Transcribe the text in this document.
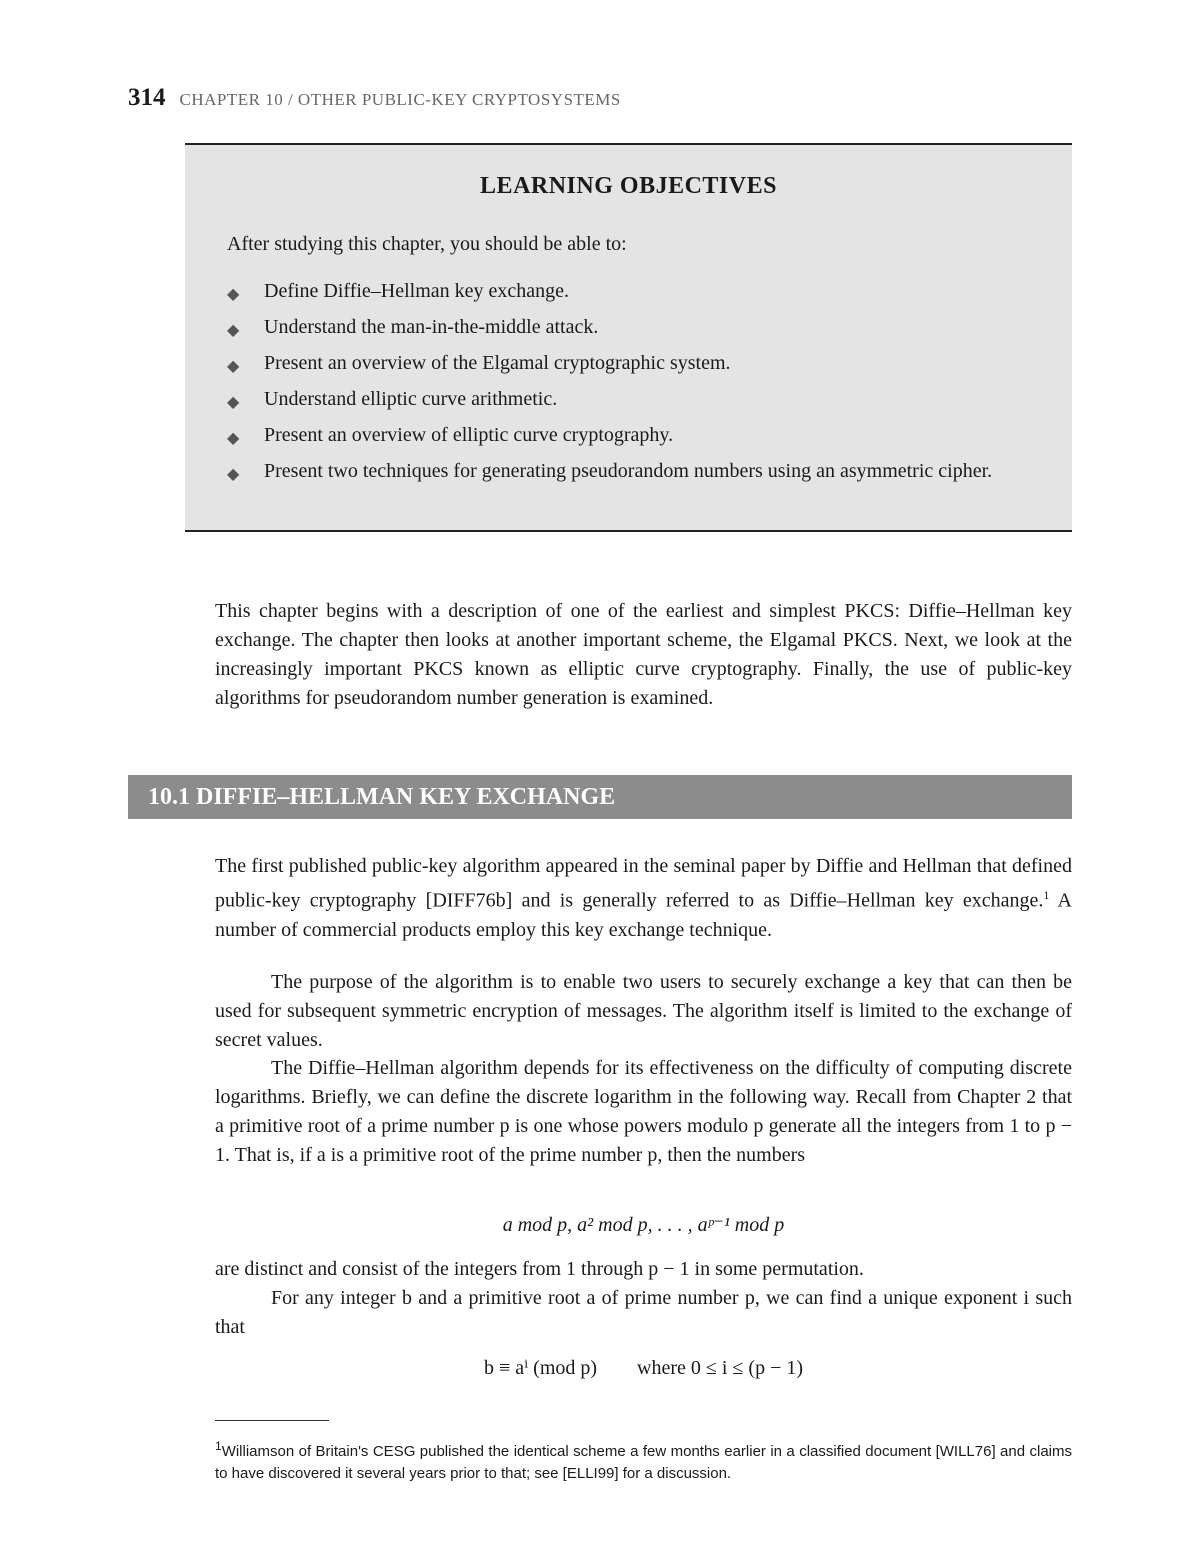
314 CHAPTER 10 / OTHER PUBLIC-KEY CRYPTOSYSTEMS
LEARNING OBJECTIVES

After studying this chapter, you should be able to:

◆ Define Diffie–Hellman key exchange.
◆ Understand the man-in-the-middle attack.
◆ Present an overview of the Elgamal cryptographic system.
◆ Understand elliptic curve arithmetic.
◆ Present an overview of elliptic curve cryptography.
◆ Present two techniques for generating pseudorandom numbers using an asymmetric cipher.

This chapter begins with a description of one of the earliest and simplest PKCS: Diffie–Hellman key exchange. The chapter then looks at another important scheme, the Elgamal PKCS. Next, we look at the increasingly important PKCS known as elliptic curve cryptography. Finally, the use of public-key algorithms for pseudorandom number generation is examined.

10.1 DIFFIE–HELLMAN KEY EXCHANGE

The first published public-key algorithm appeared in the seminal paper by Diffie and Hellman that defined public-key cryptography [DIFF76b] and is generally referred to as Diffie–Hellman key exchange.$^1$ A number of commercial products employ this key exchange technique.

The purpose of the algorithm is to enable two users to securely exchange a key that can then be used for subsequent symmetric encryption of messages. The algorithm itself is limited to the exchange of secret values.

The Diffie–Hellman algorithm depends for its effectiveness on the difficulty of computing discrete logarithms. Briefly, we can define the discrete logarithm in the following way. Recall from Chapter 2 that a primitive root of a prime number p is one whose powers modulo p generate all the integers from 1 to p − 1. That is, if a is a primitive root of the prime number p, then the numbers

a mod p, a² mod p, . . . , aᵖ⁻¹ mod p

are distinct and consist of the integers from 1 through p − 1 in some permutation.

For any integer b and a primitive root a of prime number p, we can find a unique exponent i such that

b ≡ aⁱ (mod p)        where 0 ≤ i ≤ (p − 1)

$^1$Williamson of Britain's CESG published the identical scheme a few months earlier in a classified document [WILL76] and claims to have discovered it several years prior to that; see [ELLI99] for a discussion.
